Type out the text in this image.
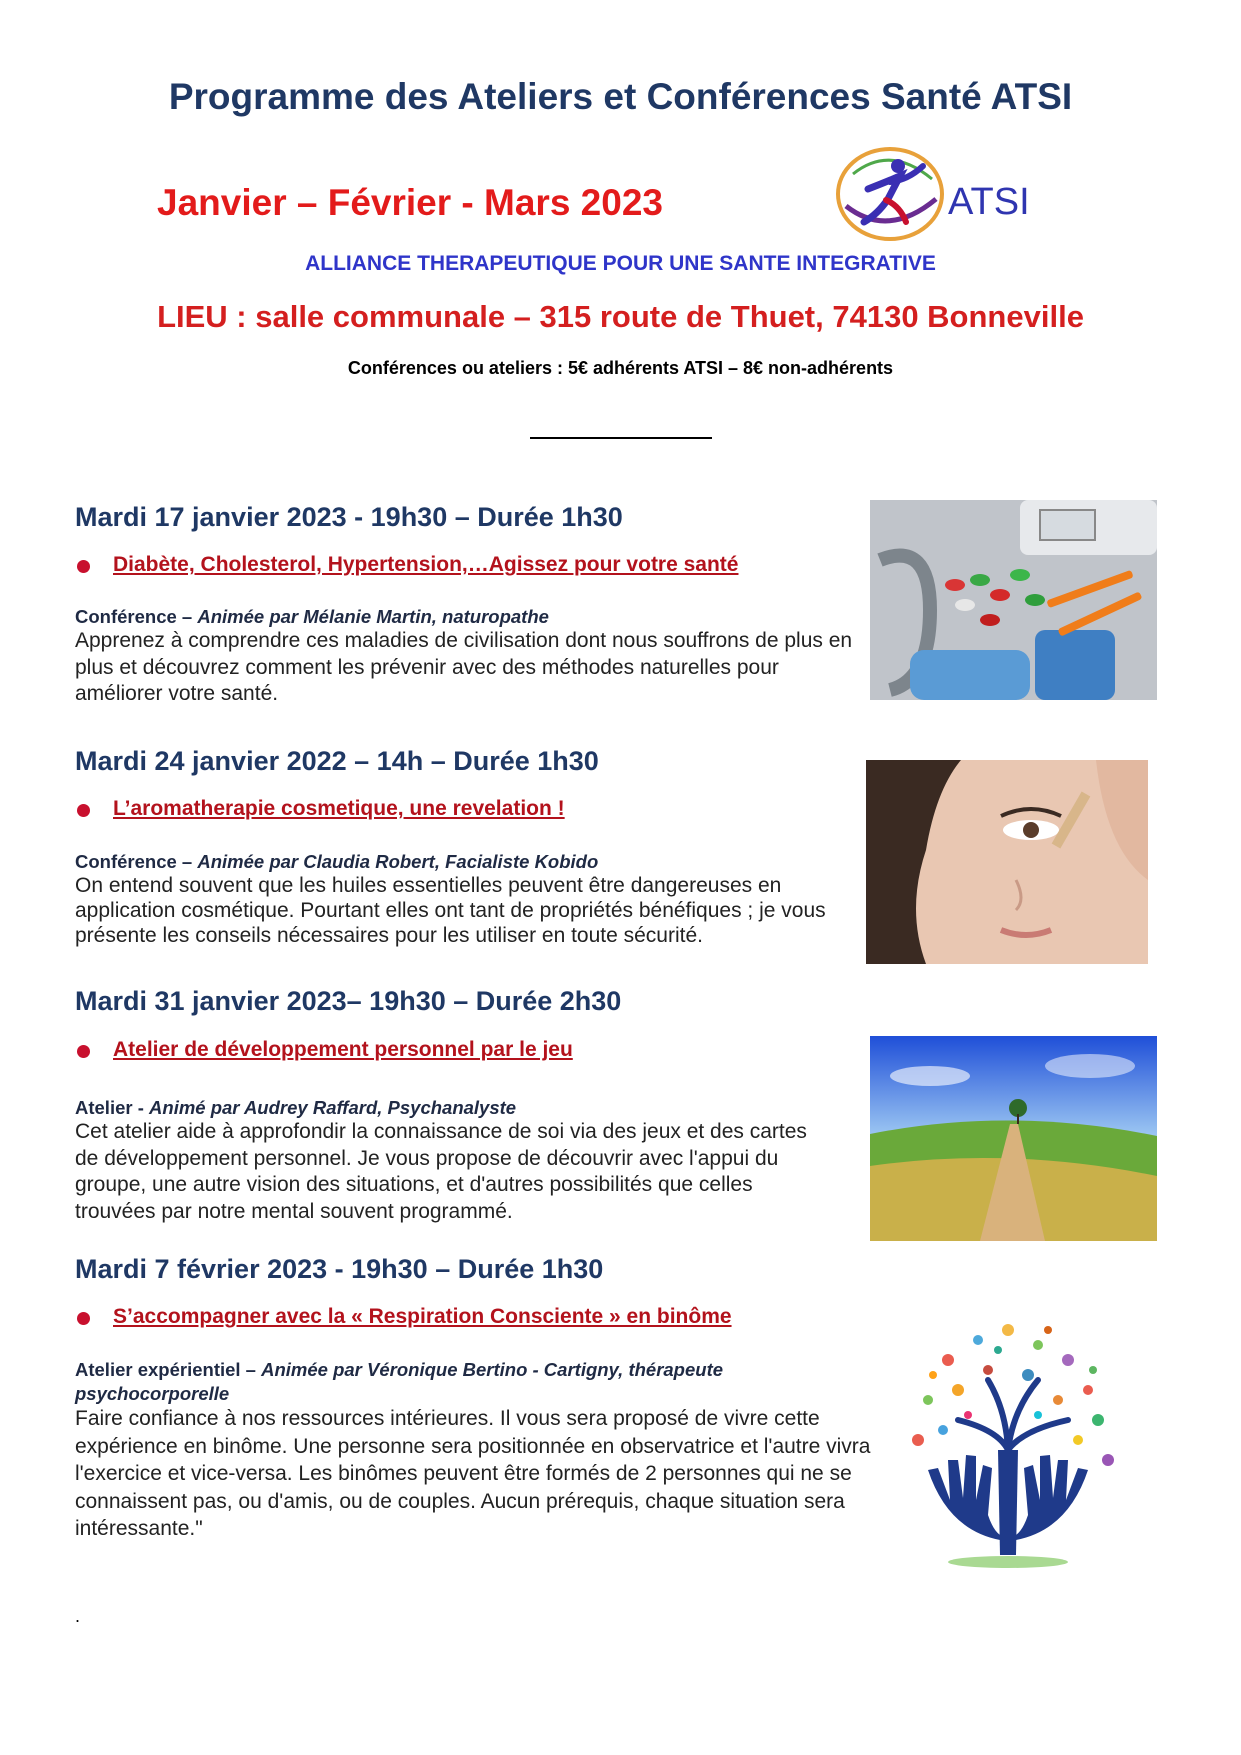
Programme des Ateliers et Conférences Santé ATSI
Janvier – Février - Mars 2023	ATSI
ALLIANCE THERAPEUTIQUE POUR UNE SANTE INTEGRATIVE
LIEU : salle communale – 315 route de Thuet, 74130 Bonneville
Conférences ou ateliers : 5€ adhérents ATSI – 8€ non-adhérents
Mardi 17 janvier 2023 - 19h30 – Durée 1h30
Diabète, Cholesterol, Hypertension,…Agissez pour votre santé
Conférence – Animée par Mélanie Martin, naturopathe
Apprenez à comprendre ces maladies de civilisation dont nous souffrons de plus en plus et découvrez comment les prévenir avec des méthodes naturelles pour améliorer votre santé.
Mardi 24 janvier 2022 – 14h – Durée 1h30
L’aromatherapie cosmetique, une revelation !
Conférence – Animée par Claudia Robert, Facialiste Kobido
On entend souvent que les huiles essentielles peuvent être dangereuses en application cosmétique. Pourtant elles ont tant de propriétés bénéfiques ; je vous présente les conseils nécessaires pour les utiliser en toute sécurité.
Mardi 31 janvier 2023– 19h30 – Durée 2h30
Atelier de développement personnel par le jeu
Atelier - Animé par Audrey Raffard, Psychanalyste
Cet atelier aide à approfondir la connaissance de soi via des jeux et des cartes de développement personnel. Je vous propose de découvrir avec l'appui du groupe, une autre vision des situations, et d'autres possibilités que celles trouvées par notre mental souvent programmé.
Mardi 7 février 2023 - 19h30 – Durée 1h30
S’accompagner avec la « Respiration Consciente » en binôme
Atelier expérientiel – Animée par Véronique Bertino - Cartigny, thérapeute psychocorporelle
Faire confiance à nos ressources intérieures. Il vous sera proposé de vivre cette expérience en binôme. Une personne sera positionnée en observatrice et l'autre vivra l'exercice et vice-versa. Les binômes peuvent être formés de 2 personnes qui ne se connaissent pas, ou d'amis, ou de couples. Aucun prérequis, chaque situation sera intéressante."
.
